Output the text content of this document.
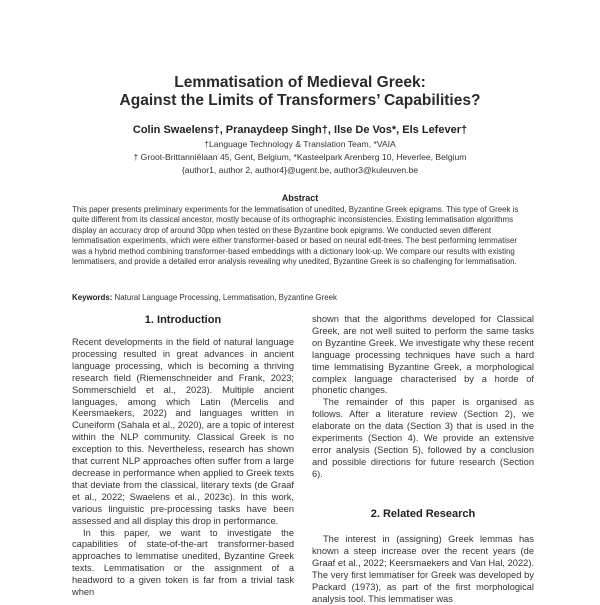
Lemmatisation of Medieval Greek:
Against the Limits of Transformers’ Capabilities?
Colin Swaelens†, Pranaydeep Singh†, Ilse De Vos*, Els Lefever†
†Language Technology & Translation Team, *VAIA
† Groot-Brittanniëlaan 45, Gent, Belgium, *Kasteelpark Arenberg 10, Heverlee, Belgium
{author1, author 2, author4}@ugent.be, author3@kuleuven.be
Abstract
This paper presents preliminary experiments for the lemmatisation of unedited, Byzantine Greek epigrams. This type of Greek is quite different from its classical ancestor, mostly because of its orthographic inconsistencies. Existing lemmatisation algorithms display an accuracy drop of around 30pp when tested on these Byzantine book epigrams. We conducted seven different lemmatisation experiments, which were either transformer-based or based on neural edit-trees. The best performing lemmatiser was a hybrid method combining transformer-based embeddings with a dictionary look-up. We compare our results with existing lemmatisers, and provide a detailed error analysis revealing why unedited, Byzantine Greek is so challenging for lemmatisation.
Keywords: Natural Language Processing, Lemmatisation, Byzantine Greek
1. Introduction

Recent developments in the field of natural language processing resulted in great advances in ancient language processing, which is becoming a thriving research field (Riemenschneider and Frank, 2023; Sommerschield et al., 2023). Multiple ancient languages, among which Latin (Mercelis and Keersmaekers, 2022) and languages written in Cuneiform (Sahala et al., 2020), are a topic of interest within the NLP community. Classical Greek is no exception to this. Nevertheless, research has shown that current NLP approaches often suffer from a large decrease in performance when applied to Greek texts that deviate from the classical, literary texts (de Graaf et al., 2022; Swaelens et al., 2023c). In this work, various linguistic pre-processing tasks have been assessed and all display this drop in performance.

In this paper, we want to investigate the capabilities of state-of-the-art transformer-based approaches to lemmatise unedited, Byzantine Greek texts. Lemmatisation or the assignment of a headword to a given token is far from a trivial task when

shown that the algorithms developed for Classical Greek, are not well suited to perform the same tasks on Byzantine Greek. We investigate why these recent language processing techniques have such a hard time lemmatising Byzantine Greek, a morphological complex language characterised by a horde of phonetic changes.

The remainder of this paper is organised as follows. After a literature review (Section 2), we elaborate on the data (Section 3) that is used in the experiments (Section 4). We provide an extensive error analysis (Section 5), followed by a conclusion and possible directions for future research (Section 6).

2. Related Research

The interest in (assigning) Greek lemmas has known a steep increase over the recent years (de Graaf et al., 2022; Keersmaekers and Van Hal, 2022). The very first lemmatiser for Greek was developed by Packard (1973), as part of the first morphological analysis tool. This lemmatiser was
